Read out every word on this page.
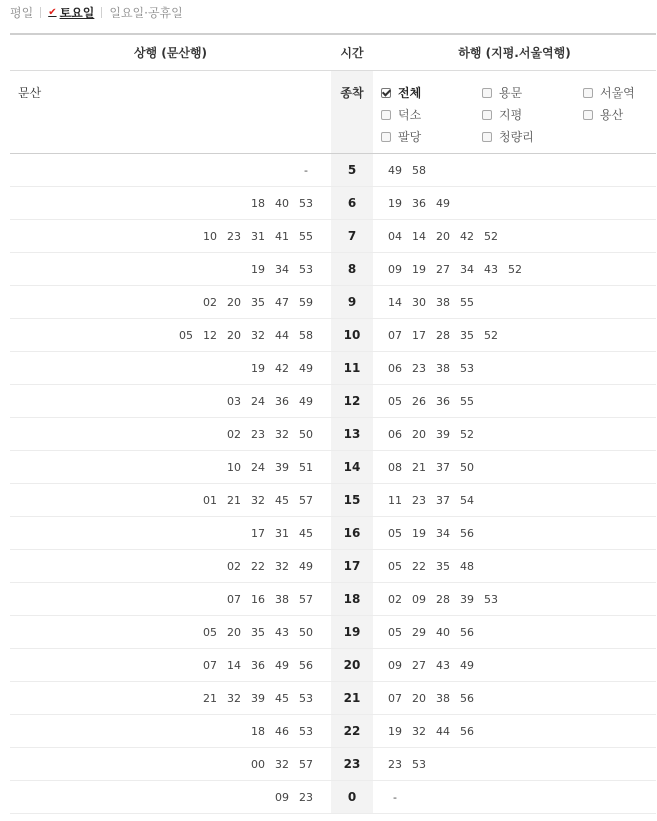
평일 ✔ 토요일 일요일·공휴일
상행 (문산행)	시간	하행 (지평.서울역행)
문산	종착	전체	용문	서울역
덕소	지평	용산
팔당	청량리
-	5	49 58
18 40 53	6	19 36 49
10 23 31 41 55	7	04 14 20 42 52
19 34 53	8	09 19 27 34 43 52
02 20 35 47 59	9	14 30 38 55
05 12 20 32 44 58	10	07 17 28 35 52
19 42 49	11	06 23 38 53
03 24 36 49	12	05 26 36 55
02 23 32 50	13	06 20 39 52
10 24 39 51	14	08 21 37 50
01 21 32 45 57	15	11 23 37 54
17 31 45	16	05 19 34 56
02 22 32 49	17	05 22 35 48
07 16 38 57	18	02 09 28 39 53
05 20 35 43 50	19	05 29 40 56
07 14 36 49 56	20	09 27 43 49
21 32 39 45 53	21	07 20 38 56
18 46 53	22	19 32 44 56
00 32 57	23	23 53
09 23	0	-
